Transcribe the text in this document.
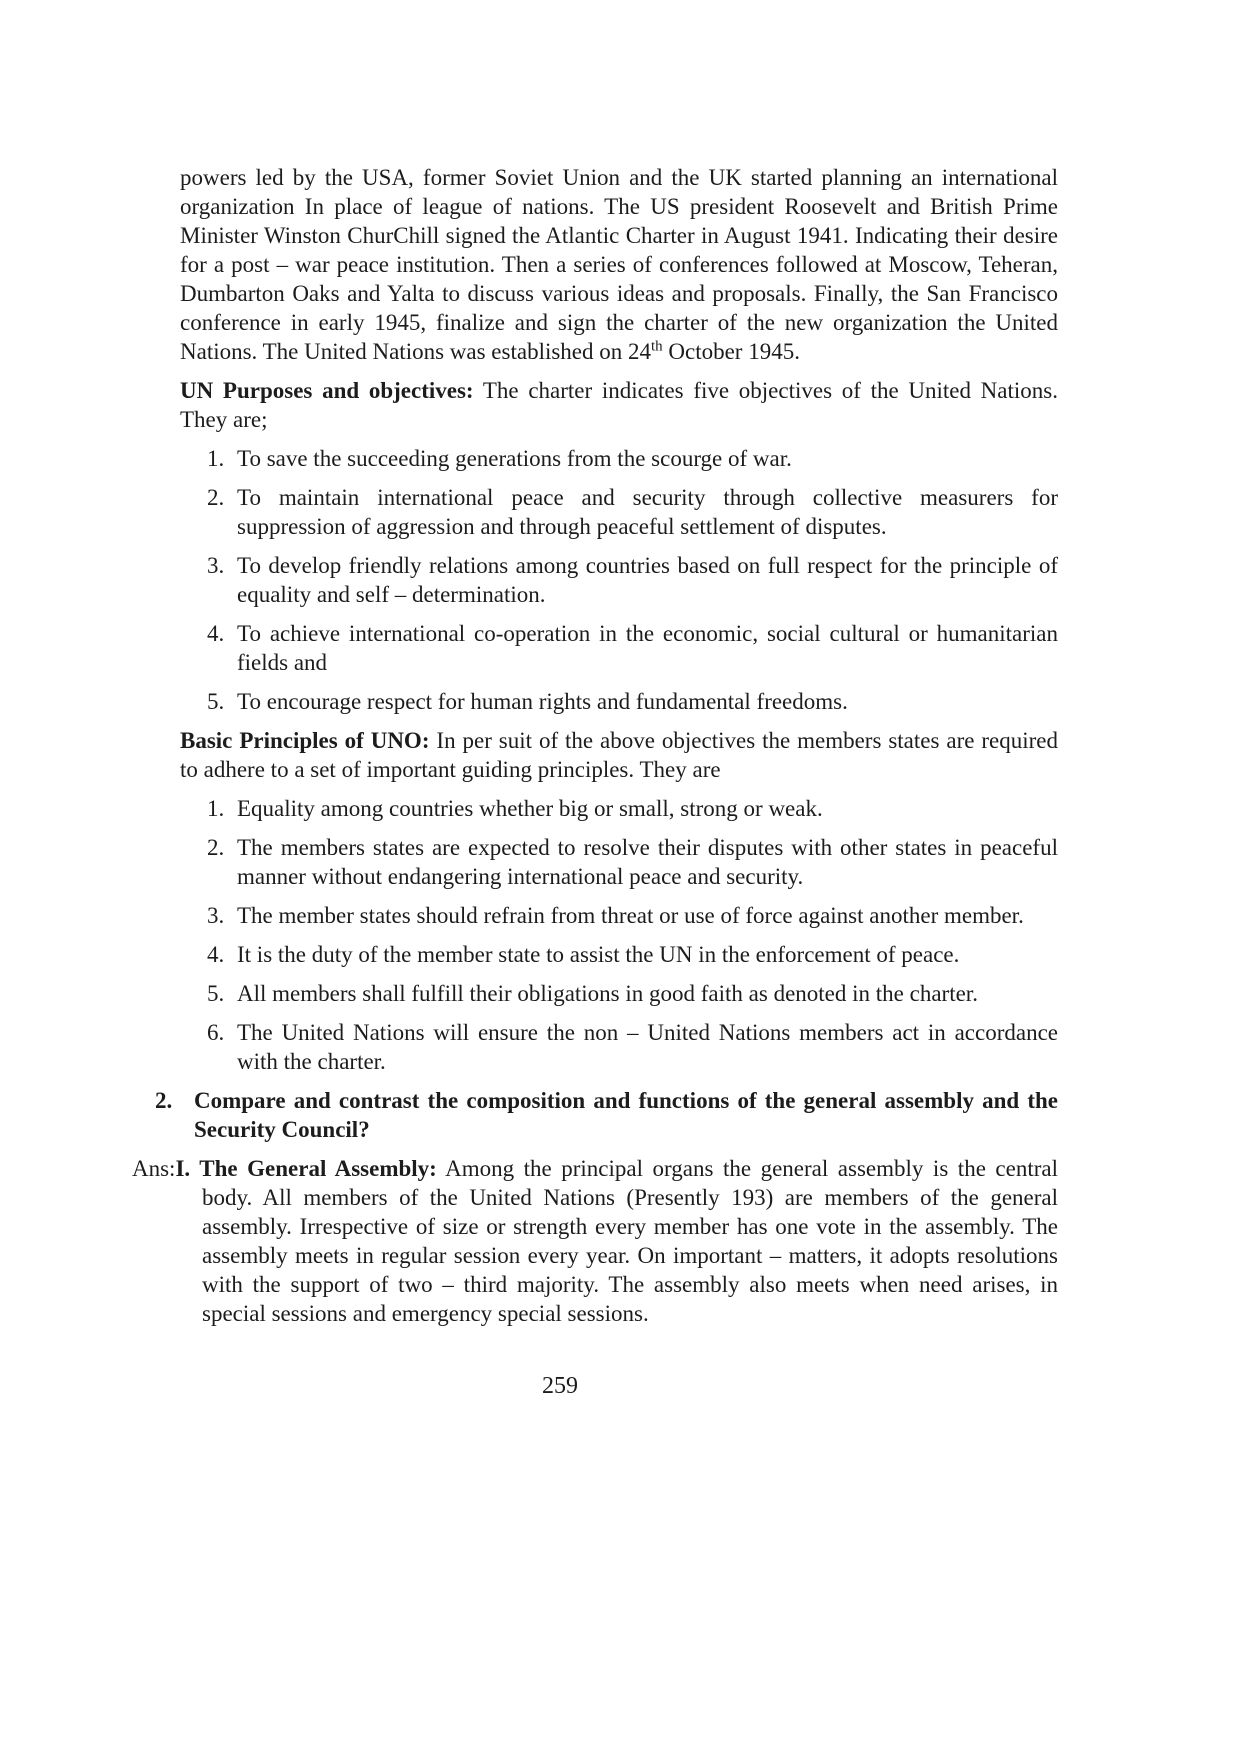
powers led by the USA, former Soviet Union and the UK started planning an international organization In place of league of nations. The US president Roosevelt and British Prime Minister Winston ChurChill signed the Atlantic Charter in August 1941. Indicating their desire for a post – war peace institution. Then a series of conferences followed at Moscow, Teheran, Dumbarton Oaks and Yalta to discuss various ideas and proposals. Finally, the San Francisco conference in early 1945, finalize and sign the charter of the new organization the United Nations. The United Nations was established on 24th October 1945.

UN Purposes and objectives: The charter indicates five objectives of the United Nations. They are;

1. To save the succeeding generations from the scourge of war.
2. To maintain international peace and security through collective measurers for suppression of aggression and through peaceful settlement of disputes.
3. To develop friendly relations among countries based on full respect for the principle of equality and self – determination.
4. To achieve international co-operation in the economic, social cultural or humanitarian fields and
5. To encourage respect for human rights and fundamental freedoms.

Basic Principles of UNO: In per suit of the above objectives the members states are required to adhere to a set of important guiding principles. They are

1. Equality among countries whether big or small, strong or weak.
2. The members states are expected to resolve their disputes with other states in peaceful manner without endangering international peace and security.
3. The member states should refrain from threat or use of force against another member.
4. It is the duty of the member state to assist the UN in the enforcement of peace.
5. All members shall fulfill their obligations in good faith as denoted in the charter.
6. The United Nations will ensure the non – United Nations members act in accordance with the charter.

2. Compare and contrast the composition and functions of the general assembly and the Security Council?

Ans:I. The General Assembly: Among the principal organs the general assembly is the central body. All members of the United Nations (Presently 193) are members of the general assembly. Irrespective of size or strength every member has one vote in the assembly. The assembly meets in regular session every year. On important – matters, it adopts resolutions with the support of two – third majority. The assembly also meets when need arises, in special sessions and emergency special sessions.

259
